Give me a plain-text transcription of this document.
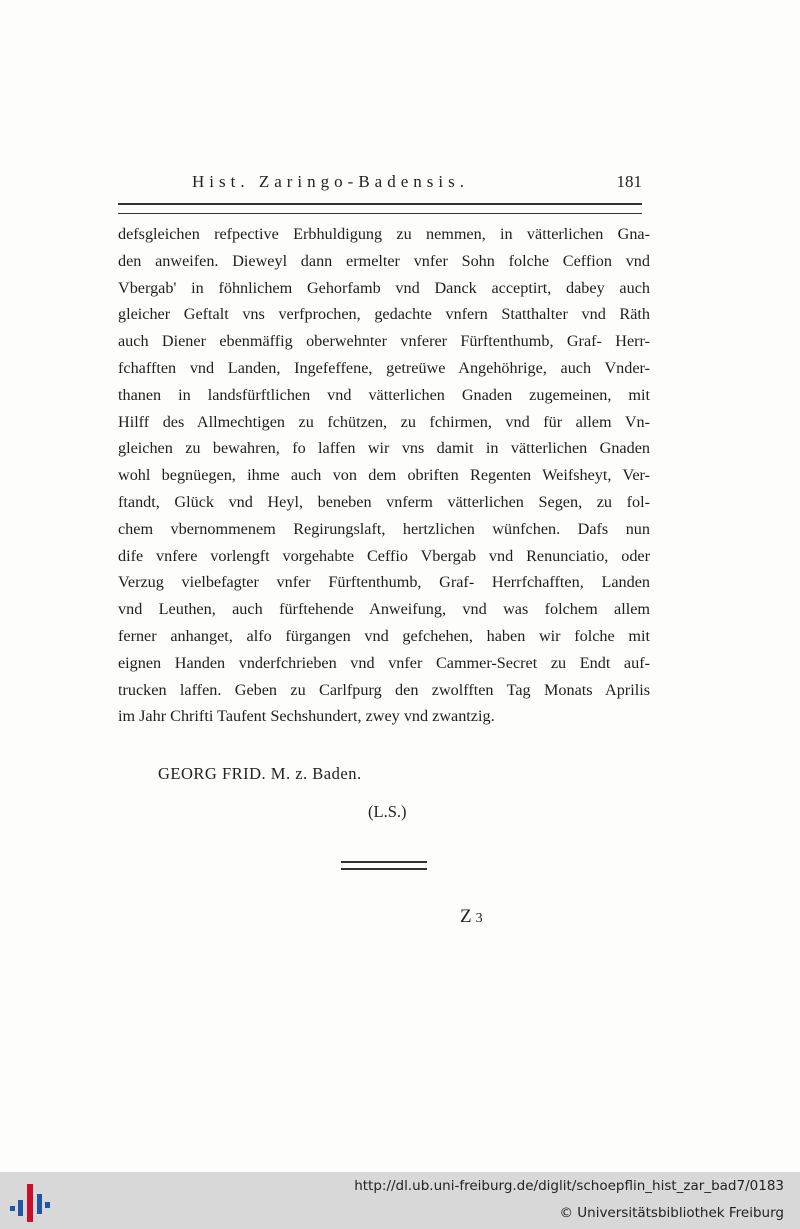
Hist. Zaringo-Badensis.	181

defsgleichen refpective Erbhuldigung zu nemmen, in vätterlichen Gna-

den anweifen. Dieweyl dann ermelter vnfer Sohn folche Ceffion vnd

Vbergab' in föhnlichem Gehorfamb vnd Danck acceptirt, dabey auch

gleicher Geftalt vns verfprochen, gedachte vnfern Statthalter vnd Räth

auch Diener ebenmäffig oberwehnter vnferer Fürftenthumb, Graf- Herr-

fchafften vnd Landen, Ingefeffene, getreüwe Angehöhrige, auch Vnder-

thanen in landsfürftlichen vnd vätterlichen Gnaden zugemeinen, mit

Hilff des Allmechtigen zu fchützen, zu fchirmen, vnd für allem Vn-

gleichen zu bewahren, fo laffen wir vns damit in vätterlichen Gnaden

wohl begnüegen, ihme auch von dem obriften Regenten Weifsheyt, Ver-

ftandt, Glück vnd Heyl, beneben vnferm vätterlichen Segen, zu fol-

chem vbernommenem Regirungslaft, hertzlichen wünfchen. Dafs nun

dife vnfere vorlengft vorgehabte Ceffio Vbergab vnd Renunciatio, oder

Verzug vielbefagter vnfer Fürftenthumb, Graf- Herrfchafften, Landen

vnd Leuthen, auch fürftehende Anweifung, vnd was folchem allem

ferner anhanget, alfo fürgangen vnd gefchehen, haben wir folche mit

eignen Handen vnderfchrieben vnd vnfer Cammer-Secret zu Endt auf-

trucken laffen. Geben zu Carlfpurg den zwolfften Tag Monats Aprilis

im Jahr Chrifti Taufent Sechshundert, zwey vnd zwantzig.

GEORG FRID. M. z. Baden.
(L.S.)
Z 3
http://dl.ub.uni-freiburg.de/diglit/schoepflin_hist_zar_bad7/0183
© Universitätsbibliothek Freiburg
